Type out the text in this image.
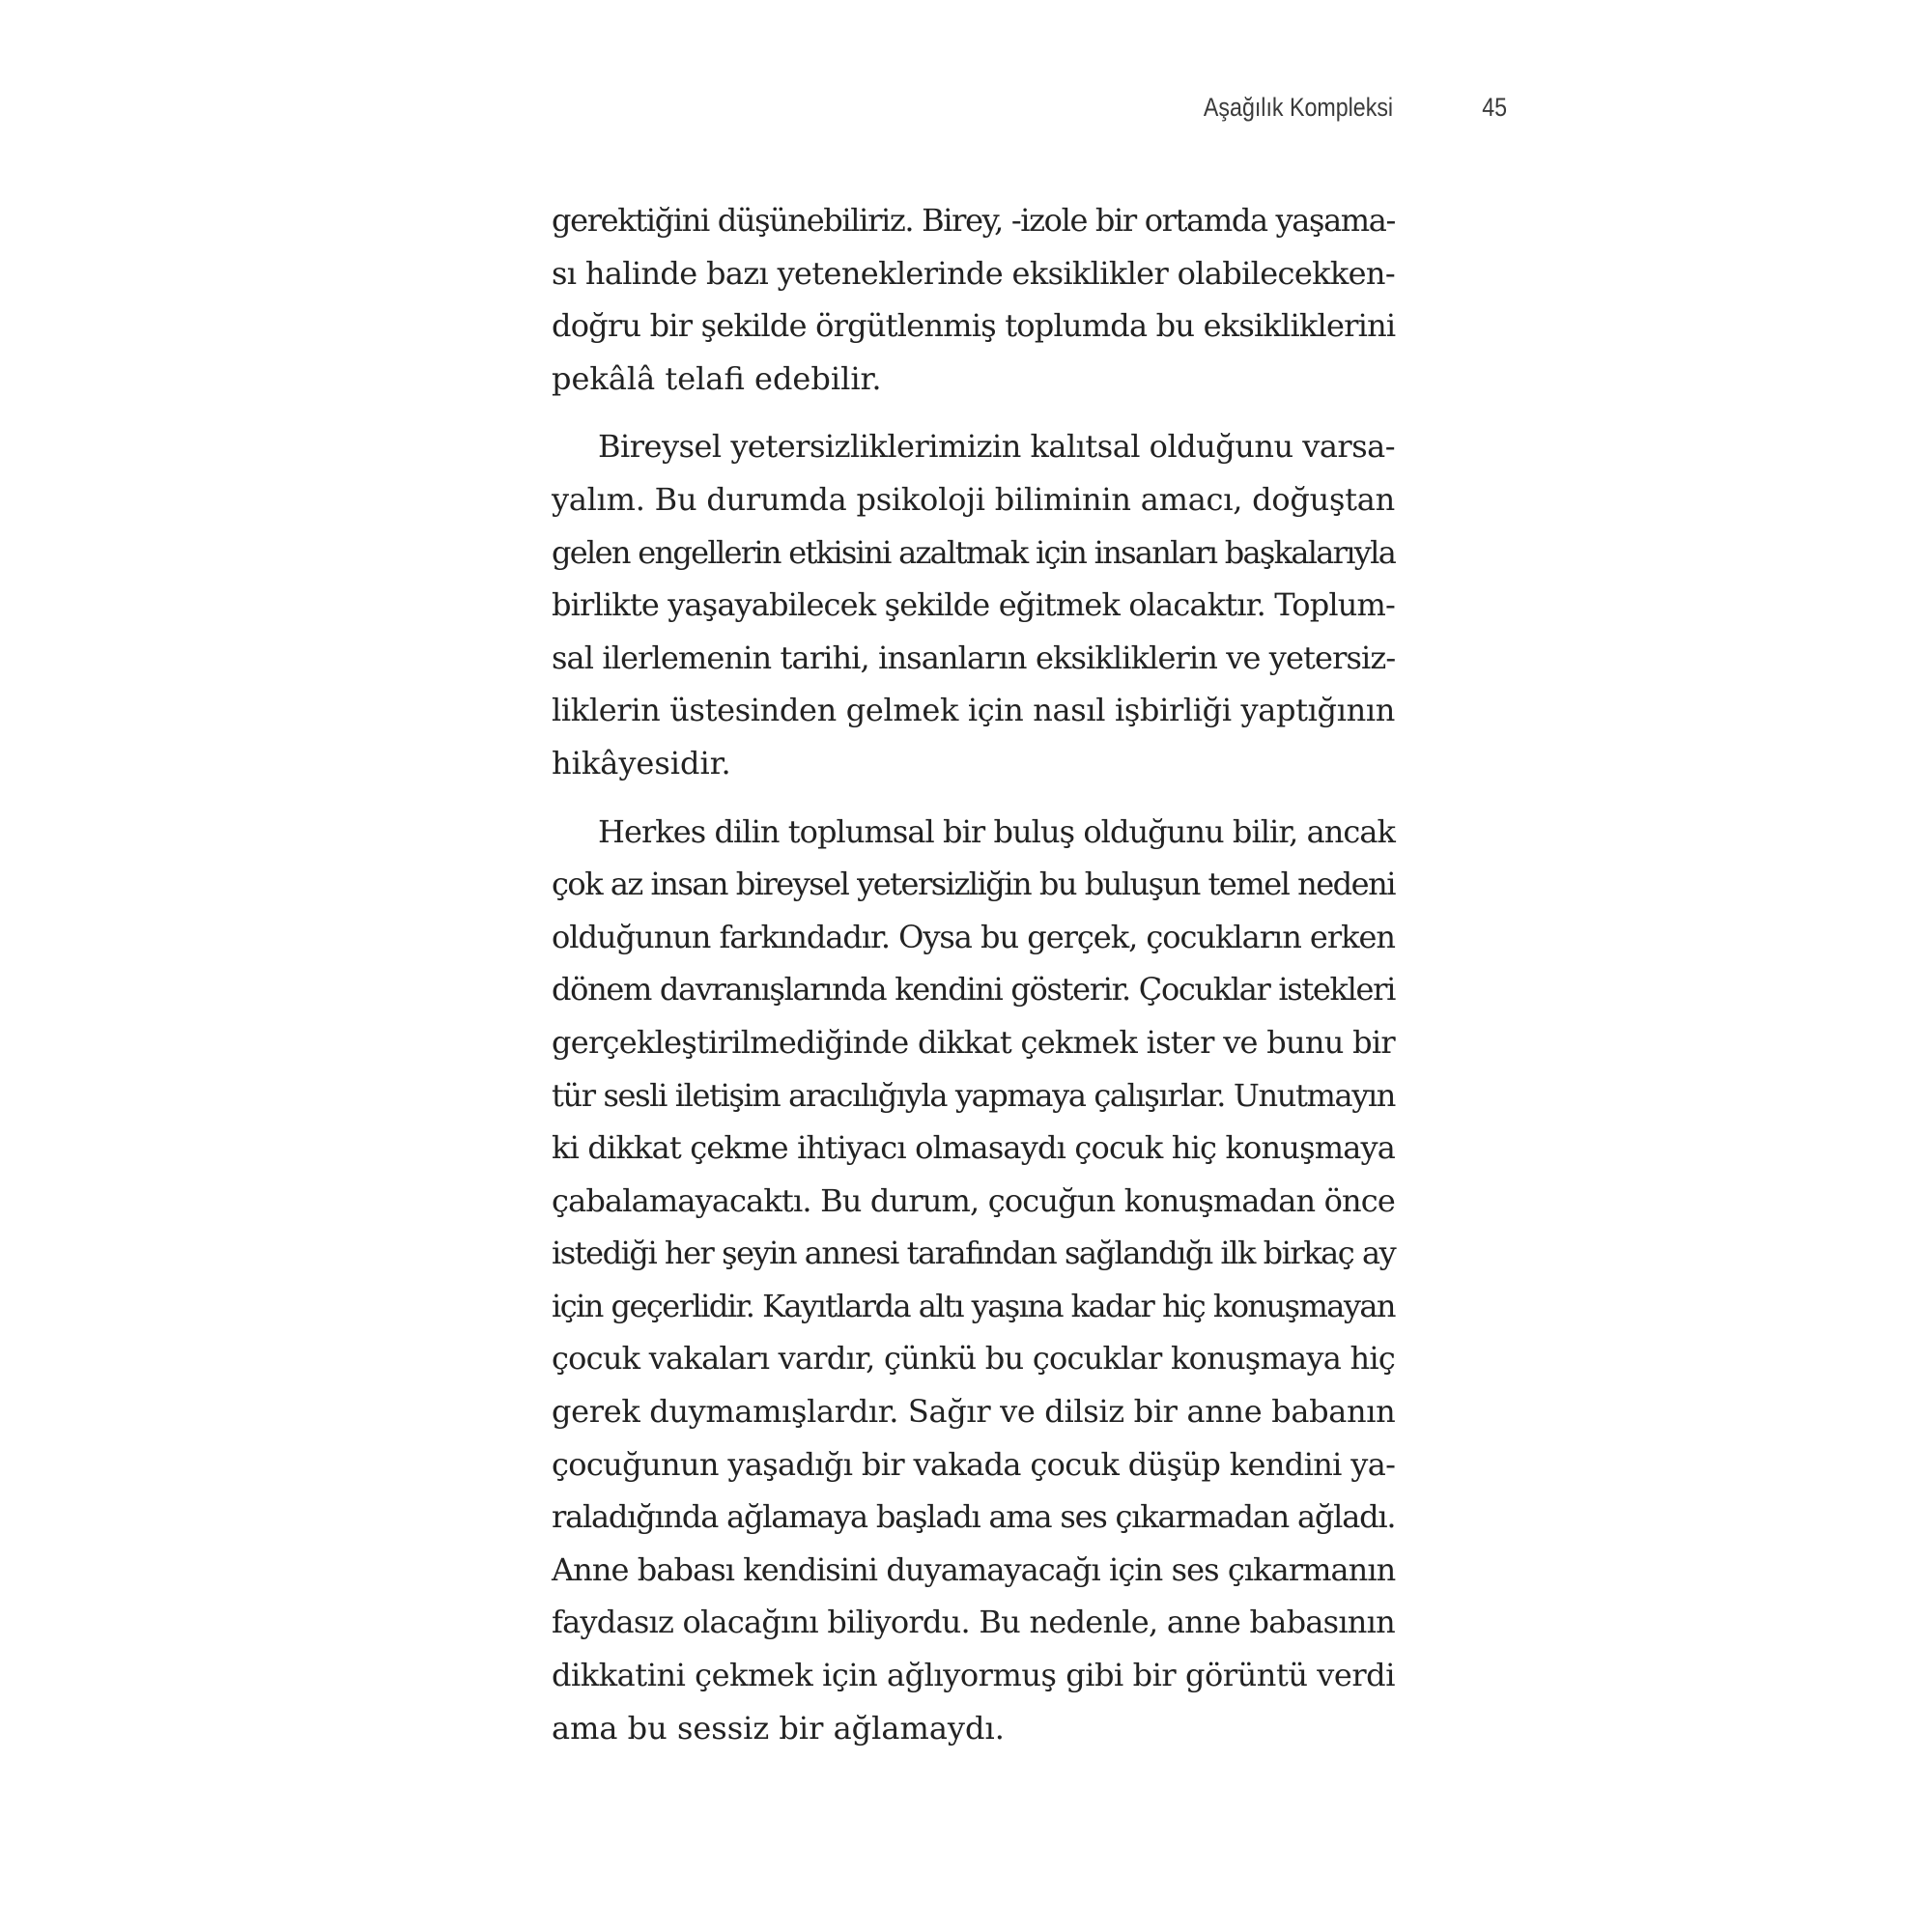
Aşağılık Kompleksi	45

gerektiğini düşünebiliriz. Birey, -izole bir ortamda yaşama-
sı halinde bazı yeteneklerinde eksiklikler olabilecekken-
doğru bir şekilde örgütlenmiş toplumda bu eksikliklerini
pekâlâ telafi edebilir.

Bireysel yetersizliklerimizin kalıtsal olduğunu varsa-
yalım. Bu durumda psikoloji biliminin amacı, doğuştan
gelen engellerin etkisini azaltmak için insanları başkalarıyla
birlikte yaşayabilecek şekilde eğitmek olacaktır. Toplum-
sal ilerlemenin tarihi, insanların eksikliklerin ve yetersiz-
liklerin üstesinden gelmek için nasıl işbirliği yaptığının
hikâyesidir.

Herkes dilin toplumsal bir buluş olduğunu bilir, ancak
çok az insan bireysel yetersizliğin bu buluşun temel nedeni
olduğunun farkındadır. Oysa bu gerçek, çocukların erken
dönem davranışlarında kendini gösterir. Çocuklar istekleri
gerçekleştirilmediğinde dikkat çekmek ister ve bunu bir
tür sesli iletişim aracılığıyla yapmaya çalışırlar. Unutmayın
ki dikkat çekme ihtiyacı olmasaydı çocuk hiç konuşmaya
çabalamayacaktı. Bu durum, çocuğun konuşmadan önce
istediği her şeyin annesi tarafından sağlandığı ilk birkaç ay
için geçerlidir. Kayıtlarda altı yaşına kadar hiç konuşmayan
çocuk vakaları vardır, çünkü bu çocuklar konuşmaya hiç
gerek duymamışlardır. Sağır ve dilsiz bir anne babanın
çocuğunun yaşadığı bir vakada çocuk düşüp kendini ya-
raladığında ağlamaya başladı ama ses çıkarmadan ağladı.
Anne babası kendisini duyamayacağı için ses çıkarmanın
faydasız olacağını biliyordu. Bu nedenle, anne babasının
dikkatini çekmek için ağlıyormuş gibi bir görüntü verdi
ama bu sessiz bir ağlamaydı.
